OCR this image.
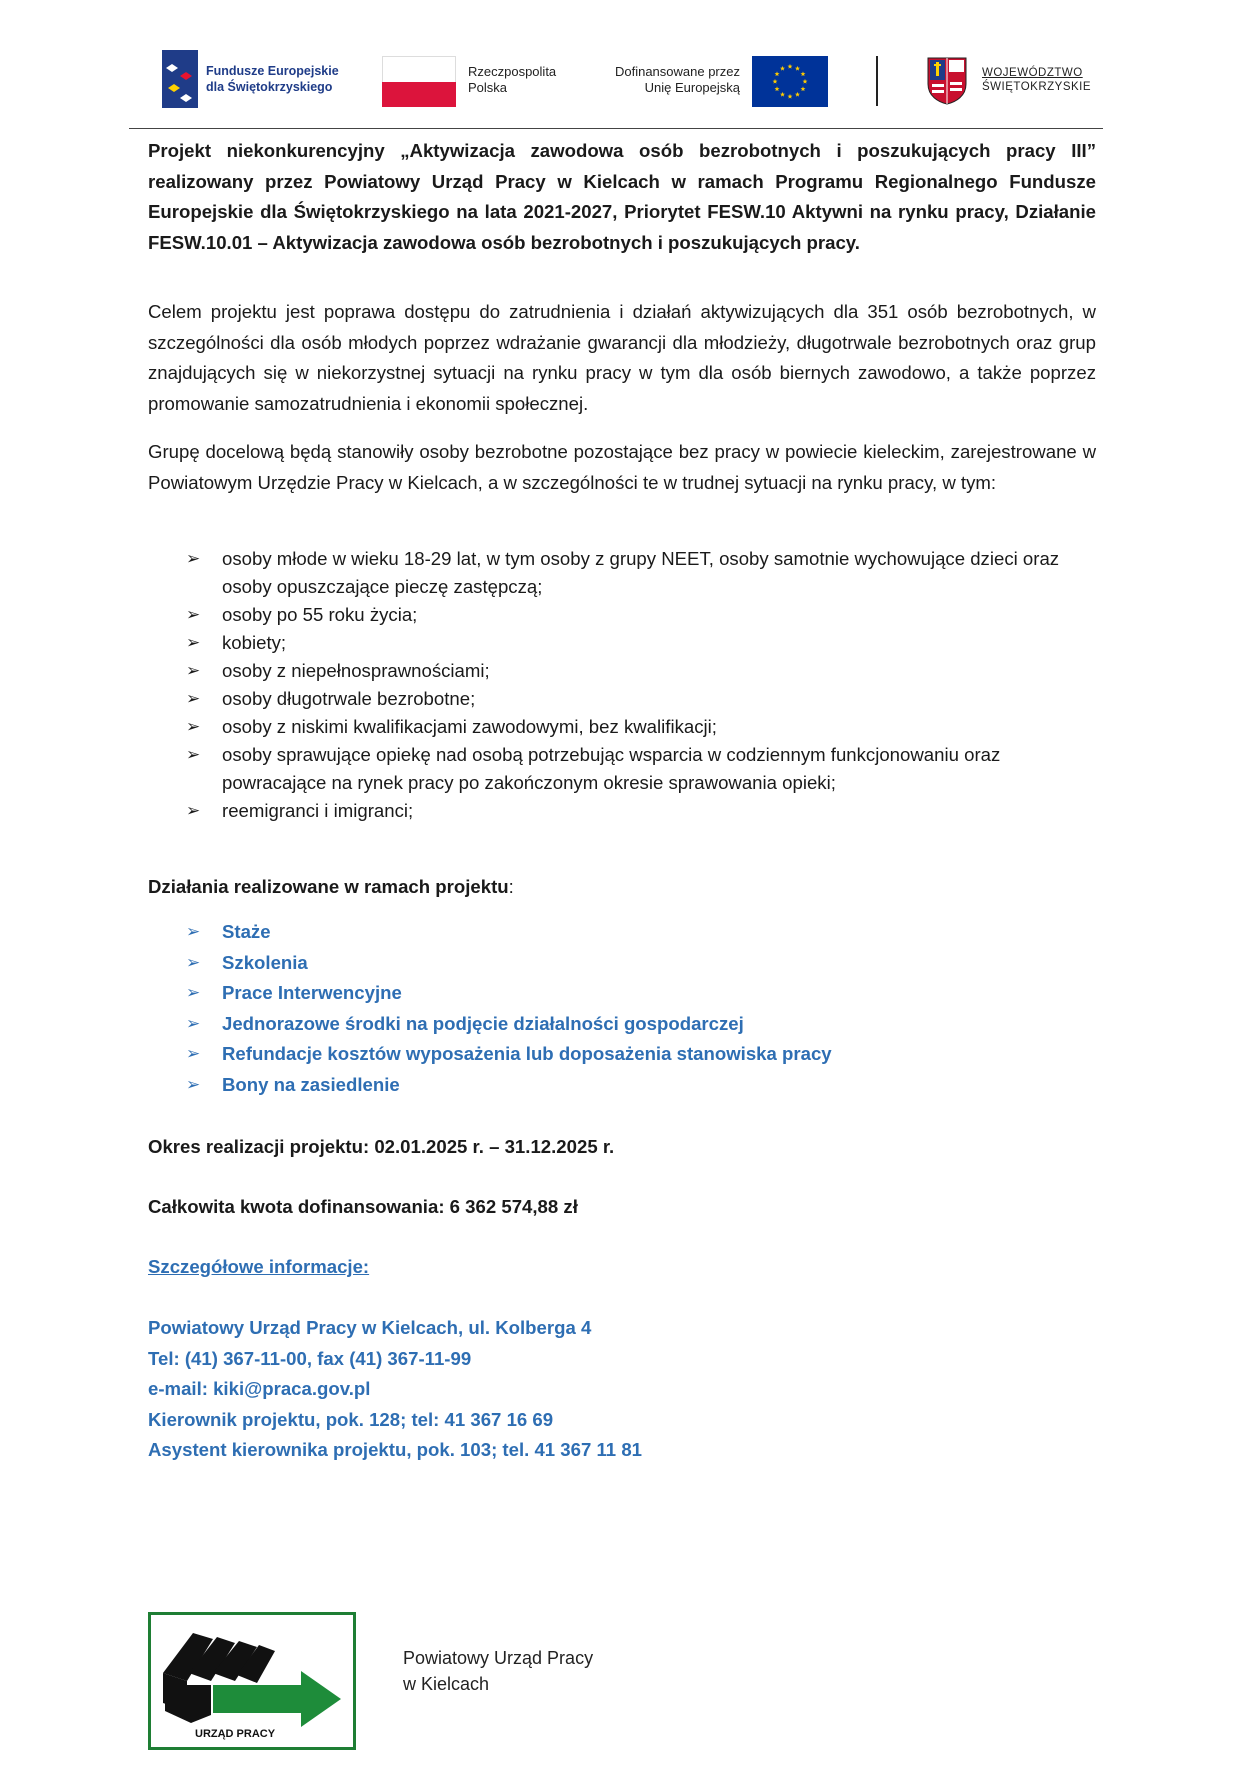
Fundusze Europejskie
dla Świętokrzyskiego
Rzeczpospolita
Polska
Dofinansowane przez
Unię Europejską
WOJEWÓDZTWO
ŚWIĘTOKRZYSKIE
Projekt niekonkurencyjny „Aktywizacja zawodowa osób bezrobotnych i poszukujących pracy III” realizowany przez Powiatowy Urząd Pracy w Kielcach w ramach Programu Regionalnego Fundusze Europejskie dla Świętokrzyskiego na lata 2021-2027, Priorytet FESW.10 Aktywni na rynku pracy, Działanie FESW.10.01 – Aktywizacja zawodowa osób bezrobotnych i poszukujących pracy.
Celem projektu jest poprawa dostępu do zatrudnienia i działań aktywizujących dla 351 osób bezrobotnych, w szczególności dla osób młodych poprzez wdrażanie gwarancji dla młodzieży, długotrwale bezrobotnych oraz grup znajdujących się w niekorzystnej sytuacji na rynku pracy w tym dla osób biernych zawodowo, a także poprzez promowanie samozatrudnienia i ekonomii społecznej.
Grupę docelową będą stanowiły osoby bezrobotne pozostające bez pracy w powiecie kieleckim, zarejestrowane w Powiatowym Urzędzie Pracy w Kielcach, a w szczególności te w trudnej sytuacji na rynku pracy, w tym:
➢	osoby młode w wieku 18-29 lat, w tym osoby z grupy NEET, osoby samotnie wychowujące dzieci oraz osoby opuszczające pieczę zastępczą;
➢	osoby po 55 roku życia;
➢	kobiety;
➢	osoby z niepełnosprawnościami;
➢	osoby długotrwale bezrobotne;
➢	osoby z niskimi kwalifikacjami zawodowymi, bez kwalifikacji;
➢	osoby sprawujące opiekę nad osobą potrzebując wsparcia w codziennym funkcjonowaniu oraz powracające na rynek pracy po zakończonym okresie sprawowania opieki;
➢	reemigranci i imigranci;
Działania realizowane w ramach projektu:
➢	Staże
➢	Szkolenia
➢	Prace Interwencyjne
➢	Jednorazowe środki na podjęcie działalności gospodarczej
➢	Refundacje kosztów wyposażenia lub doposażenia stanowiska pracy
➢	Bony na zasiedlenie
Okres realizacji projektu: 02.01.2025 r. – 31.12.2025 r.
Całkowita kwota dofinansowania: 6 362 574,88 zł
Szczegółowe informacje:
Powiatowy Urząd Pracy w Kielcach, ul. Kolberga 4
Tel: (41) 367-11-00, fax (41) 367-11-99
e-mail: kiki@praca.gov.pl
Kierownik projektu, pok. 128; tel: 41 367 16 69
Asystent kierownika projektu, pok. 103; tel. 41 367 11 81
URZĄD PRACY
Powiatowy Urząd Pracy
w Kielcach
